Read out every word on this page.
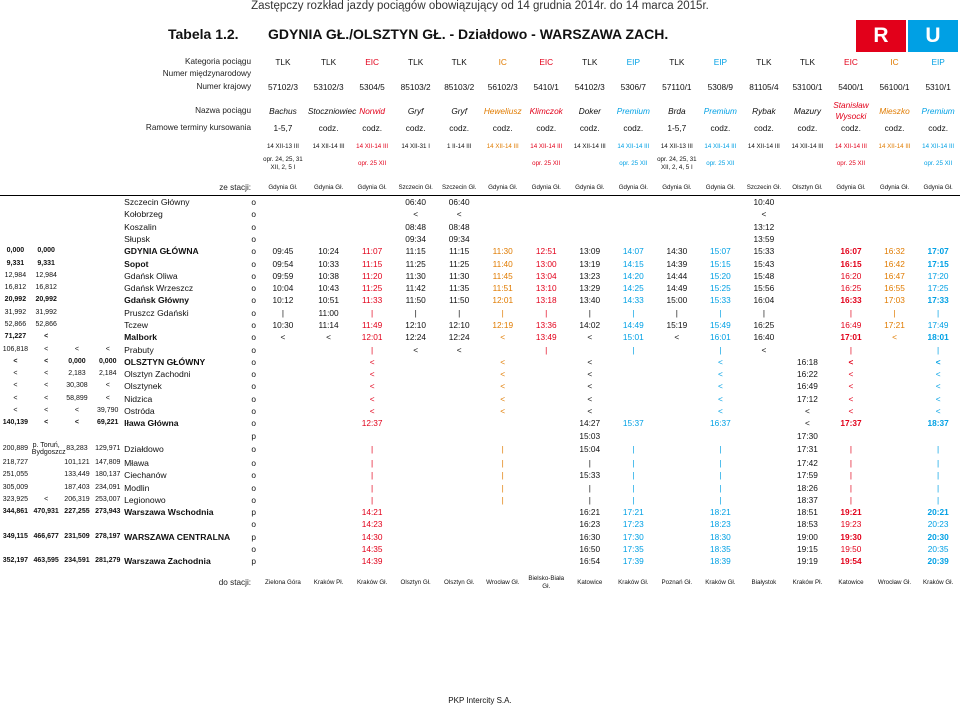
Zastępczy rozkład jazdy pociągów obowiązujący od 14 grudnia 2014r. do 14 marca 2015r.
Tabela 1.2. GDYNIA GŁ./OLSZTYN GŁ. - Działdowo - WARSZAWA ZACH.	R	U
Kategoria pociągu						TLK	TLK	EIC	TLK	TLK	IC	EIC	TLK	EIP	TLK	EIP	TLK	TLK	EIC	IC	EIP
Numer międzynarodowy																					
Numer krajowy						57102/3	53102/3	5304/5	85103/2	85103/2	56102/3	5410/1	54102/3	5306/7	57110/1	5308/9	81105/4	53100/1	5400/1	56100/1	5310/1

Nazwa pociągu						Bachus	Stoczniowiec	Norwid	Gryf	Gryf	Heweliusz	Klimczok	Doker	Premium	Brda	Premium	Rybak	Mazury	Stanisław Wysocki	Mieszko	Premium
Ramowe terminy kursowania						1-5,7	codz.	codz.	codz.	codz.	codz.	codz.	codz.	codz.	1-5,7	codz.	codz.	codz.	codz.	codz.	codz.

						14 XII-13 III	14 XII-14 III	14 XII-14 III	14 XII-31 I	1 II-14 III	14 XII-14 III	14 XII-14 III	14 XII-14 III	14 XII-14 III	14 XII-13 III	14 XII-14 III	14 XII-14 III	14 XII-14 III	14 XII-14 III	14 XII-14 III	14 XII-14 III
						opr. 24, 25, 31 XII, 2, 5 I		opr. 25 XII				opr. 25 XII		opr. 25 XII	opr. 24, 25, 31 XII, 2, 4, 5 I	opr. 25 XII			opr. 25 XII		opr. 25 XII

ze stacji:						Gdynia Gł.	Gdynia Gł.	Gdynia Gł.	Szczecin Gł.	Szczecin Gł.	Gdynia Gł.	Gdynia Gł.	Gdynia Gł.	Gdynia Gł.	Gdynia Gł.	Gdynia Gł.	Szczecin Gł.	Olsztyn Gł.	Gdynia Gł.	Gdynia Gł.	Gdynia Gł.
				Szczecin Główny	o				06:40	06:40							10:40				
				Kołobrzeg	o				<	<							<				
				Koszalin	o				08:48	08:48							13:12				
				Słupsk	o				09:34	09:34							13:59				
0,000	0,000			GDYNIA GŁÓWNA	o	09:45	10:24	11:07	11:15	11:15	11:30	12:51	13:09	14:07	14:30	15:07	15:33		16:07	16:32	17:07
9,331	9,331			Sopot	o	09:54	10:33	11:15	11:25	11:25	11:40	13:00	13:19	14:15	14:39	15:15	15:43		16:15	16:42	17:15
12,984	12,984			Gdańsk Oliwa	o	09:59	10:38	11:20	11:30	11:30	11:45	13:04	13:23	14:20	14:44	15:20	15:48		16:20	16:47	17:20
16,812	16,812			Gdańsk Wrzeszcz	o	10:04	10:43	11:25	11:42	11:35	11:51	13:10	13:29	14:25	14:49	15:25	15:56		16:25	16:55	17:25
20,992	20,992			Gdańsk Główny	o	10:12	10:51	11:33	11:50	11:50	12:01	13:18	13:40	14:33	15:00	15:33	16:04		16:33	17:03	17:33
31,992	31,992			Pruszcz Gdański	o	|	11:00	|	|	|	|	|	|	|	|	|	|		|	|	|
52,866	52,866			Tczew	o	10:30	11:14	11:49	12:10	12:10	12:19	13:36	14:02	14:49	15:19	15:49	16:25		16:49	17:21	17:49
71,227	<			Malbork	o	<	<	12:01	12:24	12:24	<	13:49	<	15:01	<	16:01	16:40		17:01	<	18:01
106,818	<	<	<	Prabuty	o			|	<	<		|		|		|	<		|		|
<	<	0,000	0,000	OLSZTYN GŁÓWNY	o			<			<		<			<		16:18	<		<
<	<	2,183	2,184	Olsztyn Zachodni	o			<			<		<			<		16:22	<		<
<	<	30,308	<	Olsztynek	o			<			<		<			<		16:49	<		<
<	<	58,899	<	Nidzica	o			<			<		<			<		17:12	<		<
<	<	<	39,790	Ostróda	o			<			<		<			<		<	<		<
140,139	<	<	69,221	Iława Główna	o			12:37					14:27	15:37		16:37		<	17:37		18:37
					p								15:03					17:30			
200,889	p. Toruń, Bydgoszcz	83,283	129,971	Działdowo	o			|			|		15:04	|		|		17:31	|		|
218,727		101,121	147,809	Mława	o			|			|		|	|		|		17:42	|		|
251,055		133,449	180,137	Ciechanów	o			|			|		15:33	|		|		17:59	|		|
305,009		187,403	234,091	Modlin	o			|			|		|	|		|		18:26	|		|
323,925	<	206,319	253,007	Legionowo	o			|			|		|	|		|		18:37	|		|
344,861	470,931	227,255	273,943	Warszawa Wschodnia	p			14:21					16:21	17:21		18:21		18:51	19:21		20:21
					o			14:23					16:23	17:23		18:23		18:53	19:23		20:23
349,115	466,677	231,509	278,197	WARSZAWA CENTRALNA	p			14:30					16:30	17:30		18:30		19:00	19:30		20:30
					o			14:35					16:50	17:35		18:35		19:15	19:50		20:35
352,197	463,595	234,591	281,279	Warszawa Zachodnia	p			14:39					16:54	17:39		18:39		19:19	19:54		20:39

do stacji:						Zielona Góra	Kraków Pł.	Kraków Gł.	Olsztyn Gł.	Olsztyn Gł.	Wrocław Gł.	Bielsko-Biała Gł.	Katowice	Kraków Gł.	Poznań Gł.	Kraków Gł.	Białystok	Kraków Pł.	Katowice	Wrocław Gł.	Kraków Gł.
PKP Intercity S.A.
